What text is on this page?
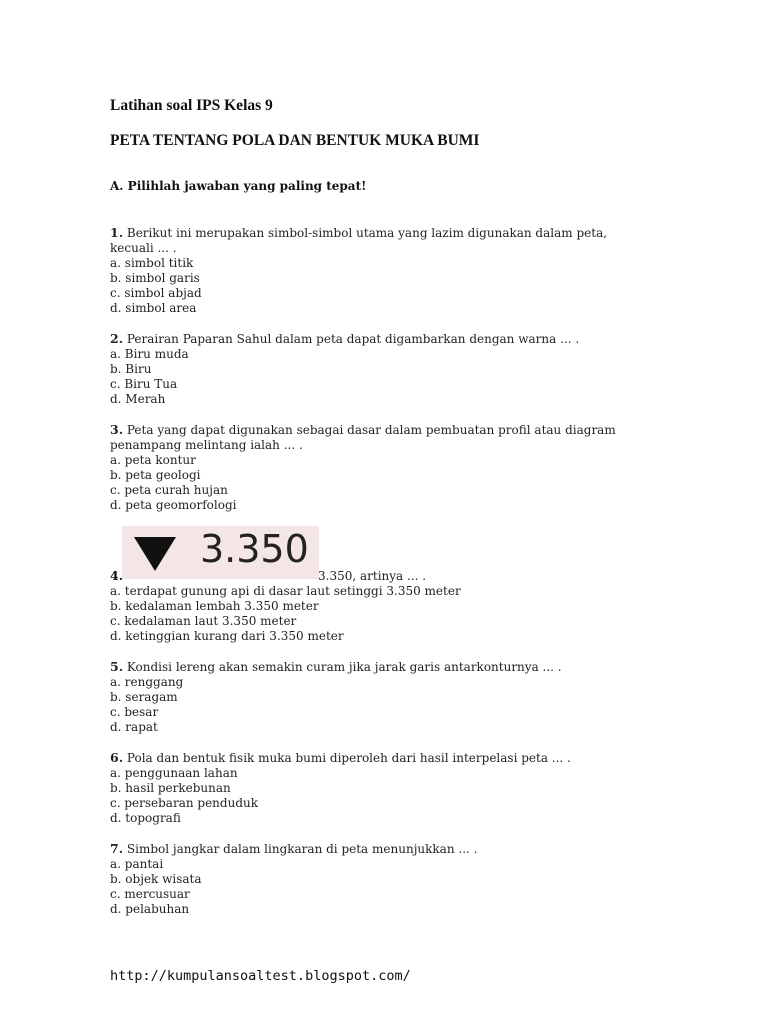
Latihan soal IPS Kelas 9
PETA TENTANG POLA DAN BENTUK MUKA BUMI
A. Pilihlah jawaban yang paling tepat!
1. Berikut ini merupakan simbol-simbol utama yang lazim digunakan dalam peta, kecuali ... .
a. simbol titik
b. simbol garis
c. simbol abjad
d. simbol area
2. Perairan Paparan Sahul dalam peta dapat digambarkan dengan warna ... .
a. Biru muda
b. Biru
c. Biru Tua
d. Merah
3. Peta yang dapat digunakan sebagai dasar dalam pembuatan profil atau diagram penampang melintang ialah ... .
a. peta kontur
b. peta geologi
c. peta curah hujan
d. peta geomorfologi
3.350
4.	3.350, artinya ... .
a. terdapat gunung api di dasar laut setinggi 3.350 meter
b. kedalaman lembah 3.350 meter
c. kedalaman laut 3.350 meter
d. ketinggian kurang dari 3.350 meter
5. Kondisi lereng akan semakin curam jika jarak garis antarkonturnya ... .
a. renggang
b. seragam
c. besar
d. rapat
6. Pola dan bentuk fisik muka bumi diperoleh dari hasil interpelasi peta ... .
a. penggunaan lahan
b. hasil perkebunan
c. persebaran penduduk
d. topografi
7. Simbol jangkar dalam lingkaran di peta menunjukkan ... .
a. pantai
b. objek wisata
c. mercusuar
d. pelabuhan
http://kumpulansoaltest.blogspot.com/
